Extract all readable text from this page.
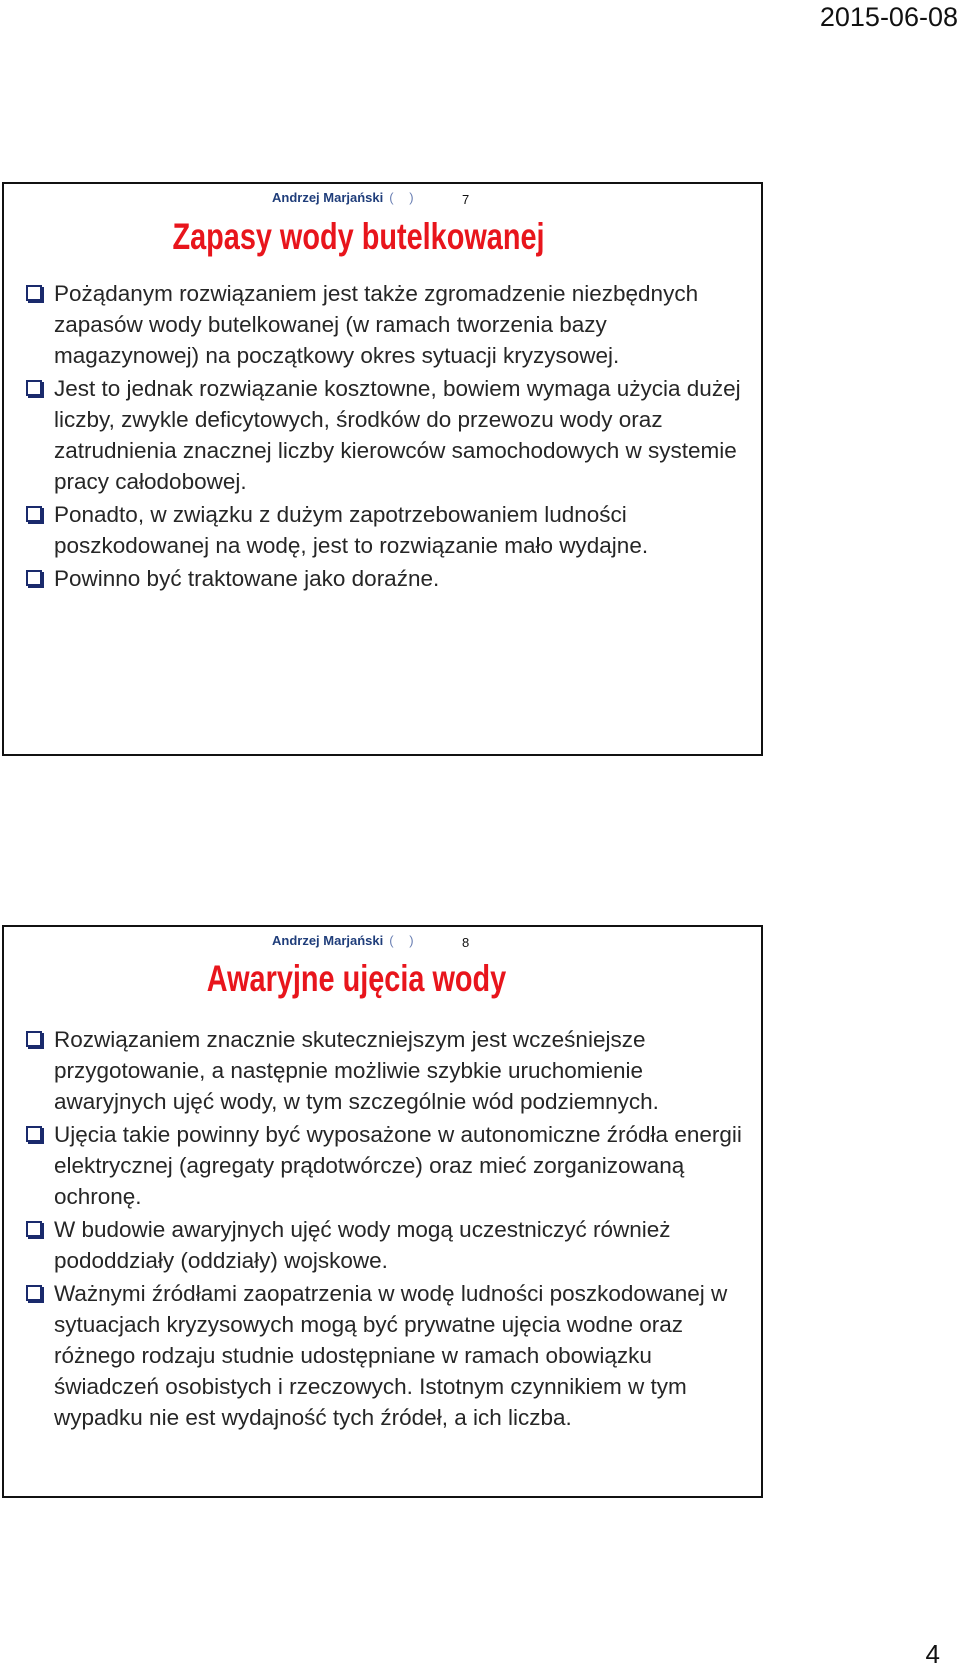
2015-06-08
Andrzej Marjański ( )	7
Zapasy wody butelkowanej
Pożądanym rozwiązaniem jest także zgromadzenie niezbędnych zapasów wody butelkowanej (w ramach tworzenia bazy magazynowej) na początkowy okres sytuacji kryzysowej.
Jest to jednak rozwiązanie kosztowne, bowiem wymaga użycia dużej liczby, zwykle deficytowych, środków do przewozu wody oraz zatrudnienia znacznej liczby kierowców samochodowych w systemie pracy całodobowej.
Ponadto, w związku z dużym zapotrzebowaniem ludności poszkodowanej na wodę, jest to rozwiązanie mało wydajne.
Powinno być traktowane jako doraźne.
Andrzej Marjański ( )	8
Awaryjne ujęcia wody
Rozwiązaniem znacznie skuteczniejszym jest wcześniejsze przygotowanie, a następnie możliwie szybkie uruchomienie awaryjnych ujęć wody, w tym szczególnie wód podziemnych.
Ujęcia takie powinny być wyposażone w autonomiczne źródła energii elektrycznej (agregaty prądotwórcze) oraz mieć zorganizowaną ochronę.
W budowie awaryjnych ujęć wody mogą uczestniczyć również pododdziały (oddziały) wojskowe.
Ważnymi źródłami zaopatrzenia w wodę ludności poszkodowanej w sytuacjach kryzysowych mogą być prywatne ujęcia wodne oraz różnego rodzaju studnie udostępniane w ramach obowiązku świadczeń osobistych i rzeczowych. Istotnym czynnikiem w tym wypadku nie est wydajność tych źródeł, a ich liczba.
4
